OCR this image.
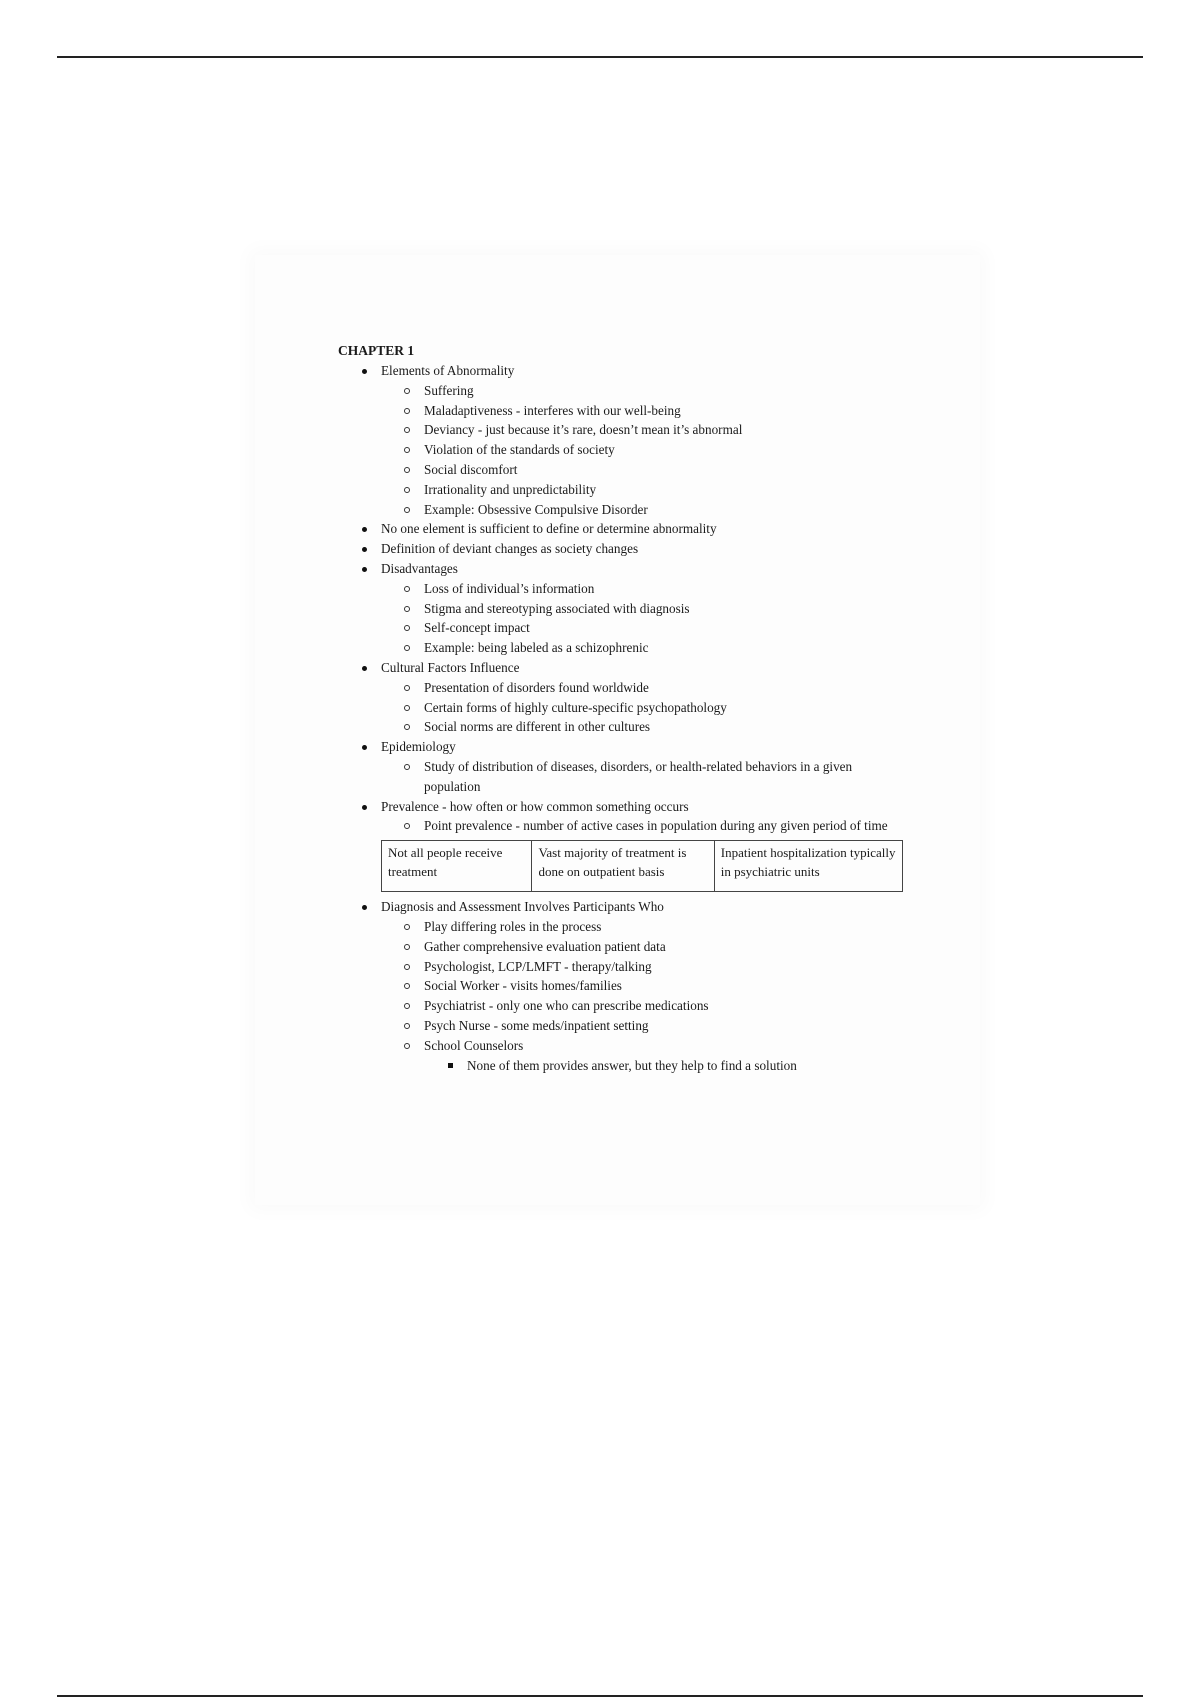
CHAPTER 1

Elements of Abnormality
Suffering
Maladaptiveness - interferes with our well-being
Deviancy - just because it’s rare, doesn’t mean it’s abnormal
Violation of the standards of society
Social discomfort
Irrationality and unpredictability
Example: Obsessive Compulsive Disorder
No one element is sufficient to define or determine abnormality
Definition of deviant changes as society changes
Disadvantages
Loss of individual’s information
Stigma and stereotyping associated with diagnosis
Self-concept impact
Example: being labeled as a schizophrenic
Cultural Factors Influence
Presentation of disorders found worldwide
Certain forms of highly culture-specific psychopathology
Social norms are different in other cultures
Epidemiology
Study of distribution of diseases, disorders, or health-related behaviors in a given population
Prevalence - how often or how common something occurs
Point prevalence - number of active cases in population during any given period of time
Not all people receive treatment
Vast majority of treatment is done on outpatient basis
Inpatient hospitalization typically in psychiatric units
Diagnosis and Assessment Involves Participants Who
Play differing roles in the process
Gather comprehensive evaluation patient data
Psychologist, LCP/LMFT - therapy/talking
Social Worker - visits homes/families
Psychiatrist - only one who can prescribe medications
Psych Nurse - some meds/inpatient setting
School Counselors
None of them provides answer, but they help to find a solution
